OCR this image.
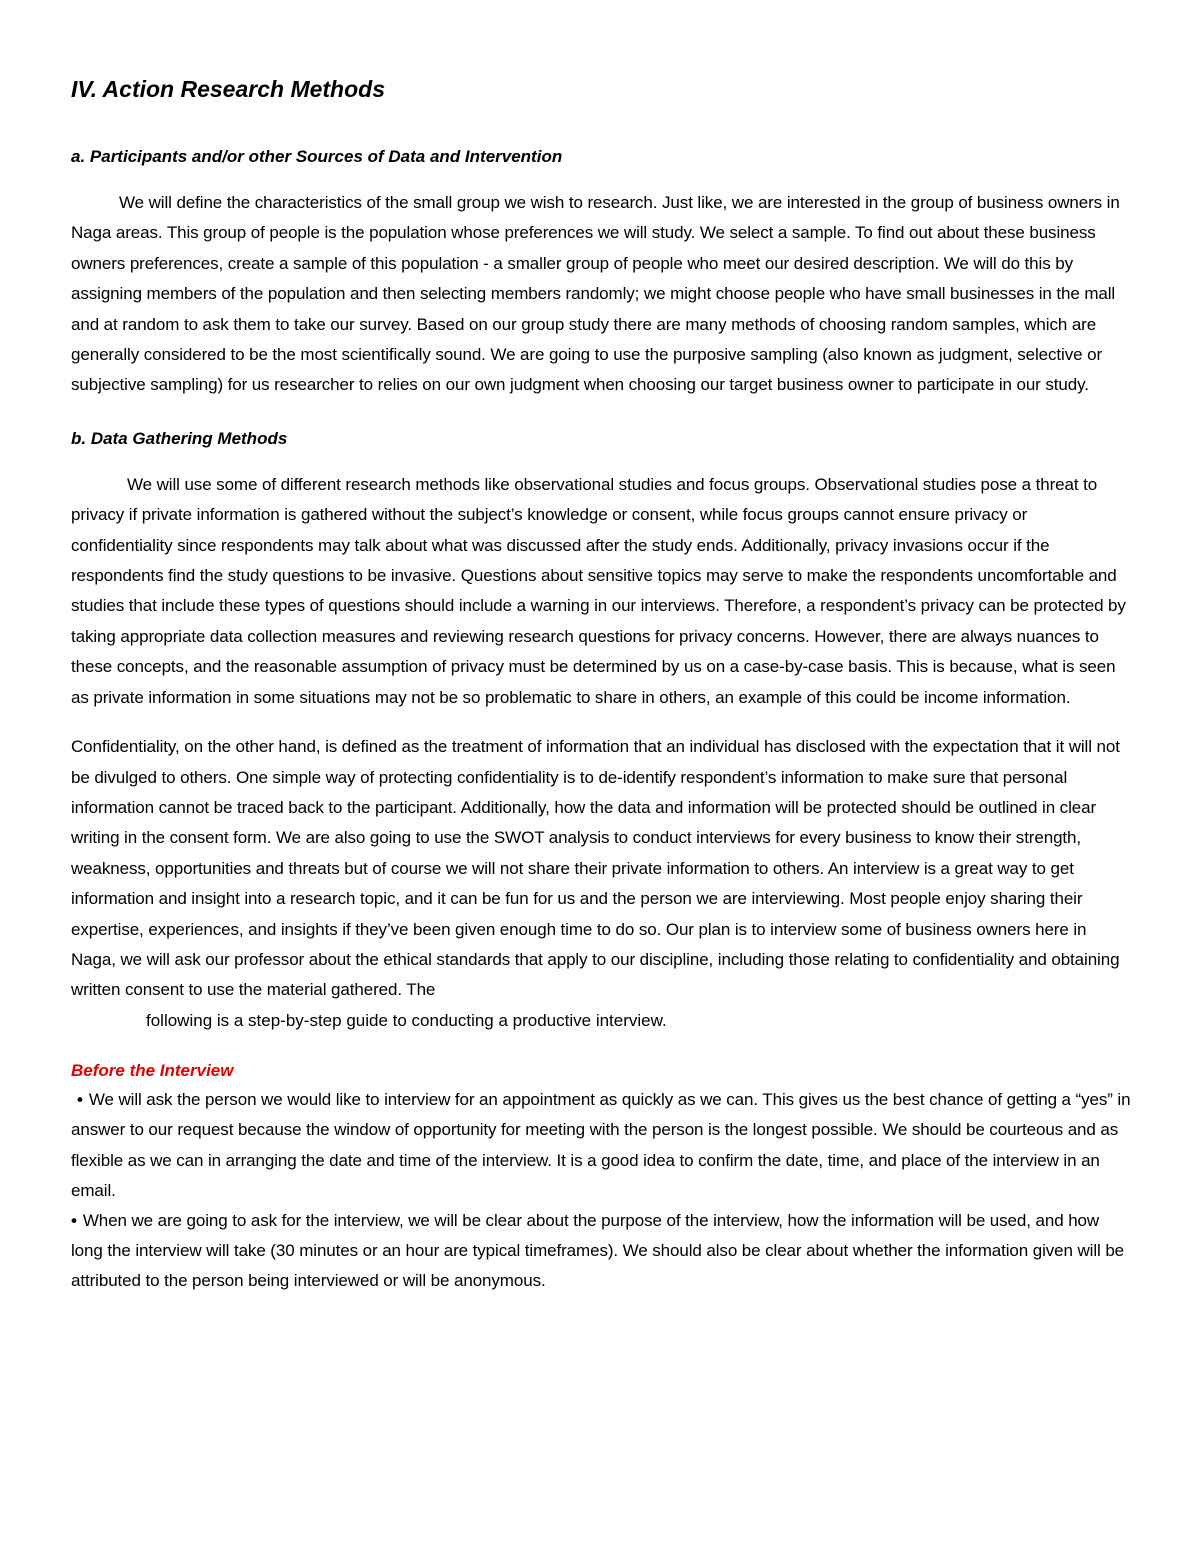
IV. Action Research Methods
a. Participants and/or other Sources of Data and Intervention

We will define the characteristics of the small group we wish to research. Just like, we are interested in the group of business owners in Naga areas. This group of people is the population whose preferences we will study. We select a sample. To find out about these business owners preferences, create a sample of this population - a smaller group of people who meet our desired description. We will do this by assigning members of the population and then selecting members randomly; we might choose people who have small businesses in the mall and at random to ask them to take our survey. Based on our group study there are many methods of choosing random samples, which are generally considered to be the most scientifically sound. We are going to use the purposive sampling (also known as judgment, selective or subjective sampling) for us researcher to relies on our own judgment when choosing our target business owner to participate in our study.

b. Data Gathering Methods

We will use some of different research methods like observational studies and focus groups. Observational studies pose a threat to privacy if private information is gathered without the subject’s knowledge or consent, while focus groups cannot ensure privacy or confidentiality since respondents may talk about what was discussed after the study ends. Additionally, privacy invasions occur if the respondents find the study questions to be invasive. Questions about sensitive topics may serve to make the respondents uncomfortable and studies that include these types of questions should include a warning in our interviews. Therefore, a respondent’s privacy can be protected by taking appropriate data collection measures and reviewing research questions for privacy concerns. However, there are always nuances to these concepts, and the reasonable assumption of privacy must be determined by us on a case-by-case basis. This is because, what is seen as private information in some situations may not be so problematic to share in others, an example of this could be income information.

Confidentiality, on the other hand, is defined as the treatment of information that an individual has disclosed with the expectation that it will not be divulged to others. One simple way of protecting confidentiality is to de-identify respondent’s information to make sure that personal information cannot be traced back to the participant. Additionally, how the data and information will be protected should be outlined in clear writing in the consent form. We are also going to use the SWOT analysis to conduct interviews for every business to know their strength, weakness, opportunities and threats but of course we will not share their private information to others. An interview is a great way to get information and insight into a research topic, and it can be fun for us and the person we are interviewing. Most people enjoy sharing their expertise, experiences, and insights if they’ve been given enough time to do so. Our plan is to interview some of business owners here in Naga, we will ask our professor about the ethical standards that apply to our discipline, including those relating to confidentiality and obtaining written consent to use the material gathered. The

following is a step-by-step guide to conducting a productive interview.

Before the Interview

• We will ask the person we would like to interview for an appointment as quickly as we can. This gives us the best chance of getting a “yes” in answer to our request because the window of opportunity for meeting with the person is the longest possible. We should be courteous and as flexible as we can in arranging the date and time of the interview. It is a good idea to confirm the date, time, and place of the interview in an email.

• When we are going to ask for the interview, we will be clear about the purpose of the interview, how the information will be used, and how long the interview will take (30 minutes or an hour are typical timeframes). We should also be clear about whether the information given will be attributed to the person being interviewed or will be anonymous.
